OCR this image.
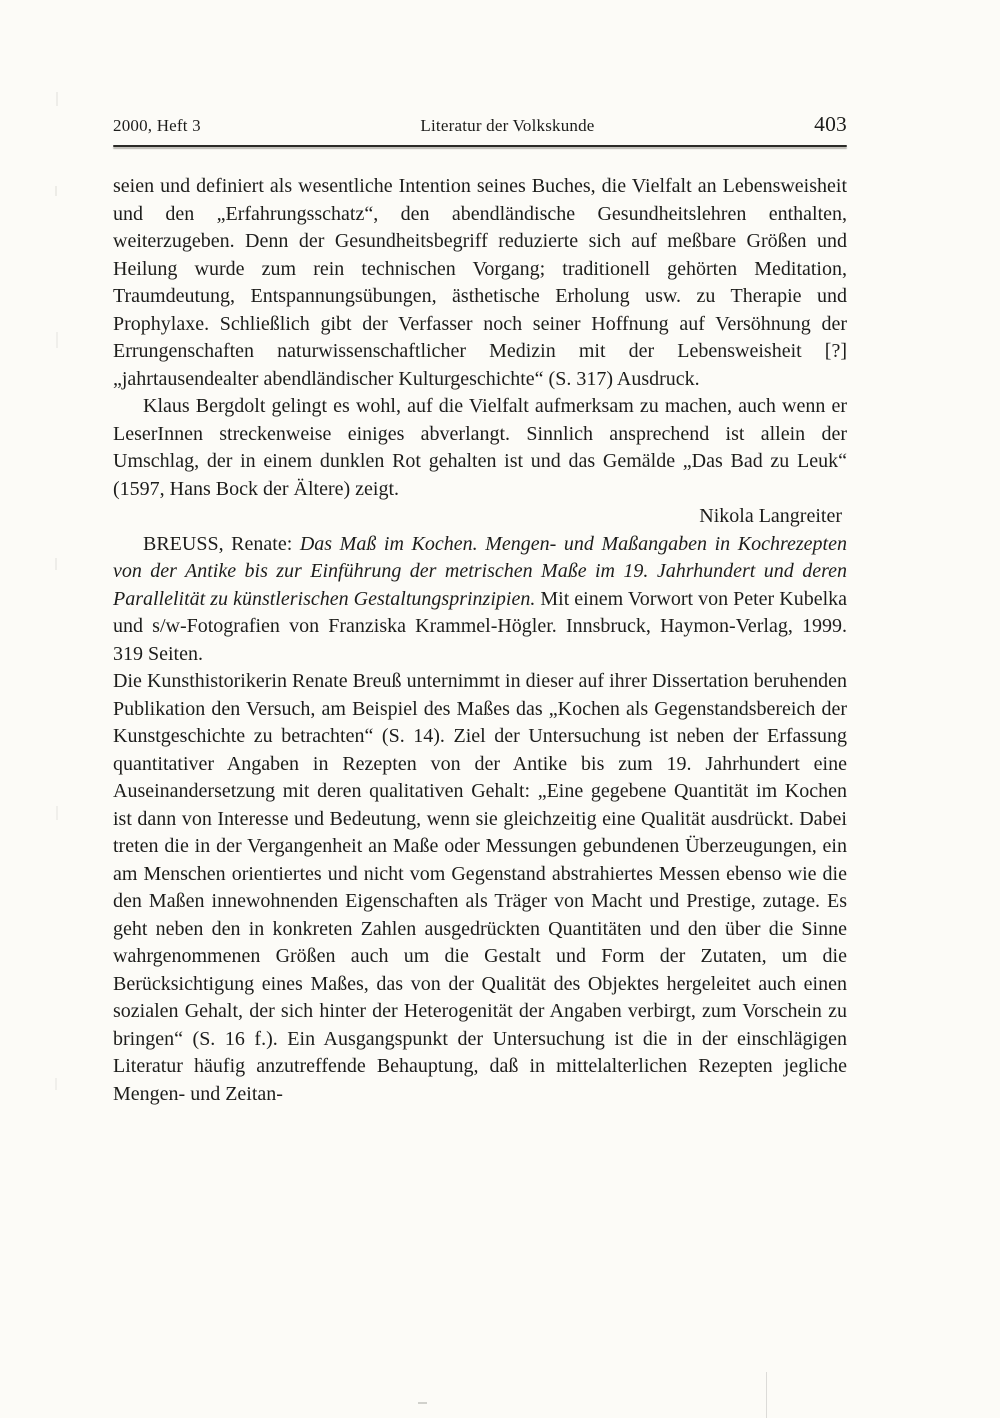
2000, Heft 3	Literatur der Volkskunde	403

seien und definiert als wesentliche Intention seines Buches, die Vielfalt an Lebensweisheit und den „Erfahrungsschatz“, den abendländische Gesundheitslehren enthalten, weiterzugeben. Denn der Gesundheitsbegriff reduzierte sich auf meßbare Größen und Heilung wurde zum rein technischen Vorgang; traditionell gehörten Meditation, Traumdeutung, Entspannungsübungen, ästhetische Erholung usw. zu Therapie und Prophylaxe. Schließlich gibt der Verfasser noch seiner Hoffnung auf Versöhnung der Errungenschaften naturwissenschaftlicher Medizin mit der Lebensweisheit [?] „jahrtausendealter abendländischer Kulturgeschichte“ (S. 317) Ausdruck.

Klaus Bergdolt gelingt es wohl, auf die Vielfalt aufmerksam zu machen, auch wenn er LeserInnen streckenweise einiges abverlangt. Sinnlich ansprechend ist allein der Umschlag, der in einem dunklen Rot gehalten ist und das Gemälde „Das Bad zu Leuk“ (1597, Hans Bock der Ältere) zeigt.

Nikola Langreiter

BREUSS, Renate: Das Maß im Kochen. Mengen- und Maßangaben in Kochrezepten von der Antike bis zur Einführung der metrischen Maße im 19. Jahrhundert und deren Parallelität zu künstlerischen Gestaltungsprinzipien. Mit einem Vorwort von Peter Kubelka und s/w-Fotografien von Franziska Krammel-Högler. Innsbruck, Haymon-Verlag, 1999. 319 Seiten.

Die Kunsthistorikerin Renate Breuß unternimmt in dieser auf ihrer Dissertation beruhenden Publikation den Versuch, am Beispiel des Maßes das „Kochen als Gegenstandsbereich der Kunstgeschichte zu betrachten“ (S. 14). Ziel der Untersuchung ist neben der Erfassung quantitativer Angaben in Rezepten von der Antike bis zum 19. Jahrhundert eine Auseinandersetzung mit deren qualitativen Gehalt: „Eine gegebene Quantität im Kochen ist dann von Interesse und Bedeutung, wenn sie gleichzeitig eine Qualität ausdrückt. Dabei treten die in der Vergangenheit an Maße oder Messungen gebundenen Überzeugungen, ein am Menschen orientiertes und nicht vom Gegenstand abstrahiertes Messen ebenso wie die den Maßen innewohnenden Eigenschaften als Träger von Macht und Prestige, zutage. Es geht neben den in konkreten Zahlen ausgedrückten Quantitäten und den über die Sinne wahrgenommenen Größen auch um die Gestalt und Form der Zutaten, um die Berücksichtigung eines Maßes, das von der Qualität des Objektes hergeleitet auch einen sozialen Gehalt, der sich hinter der Heterogenität der Angaben verbirgt, zum Vorschein zu bringen“ (S. 16 f.). Ein Ausgangspunkt der Untersuchung ist die in der einschlägigen Literatur häufig anzutreffende Behauptung, daß in mittelalterlichen Rezepten jegliche Mengen- und Zeitan-
